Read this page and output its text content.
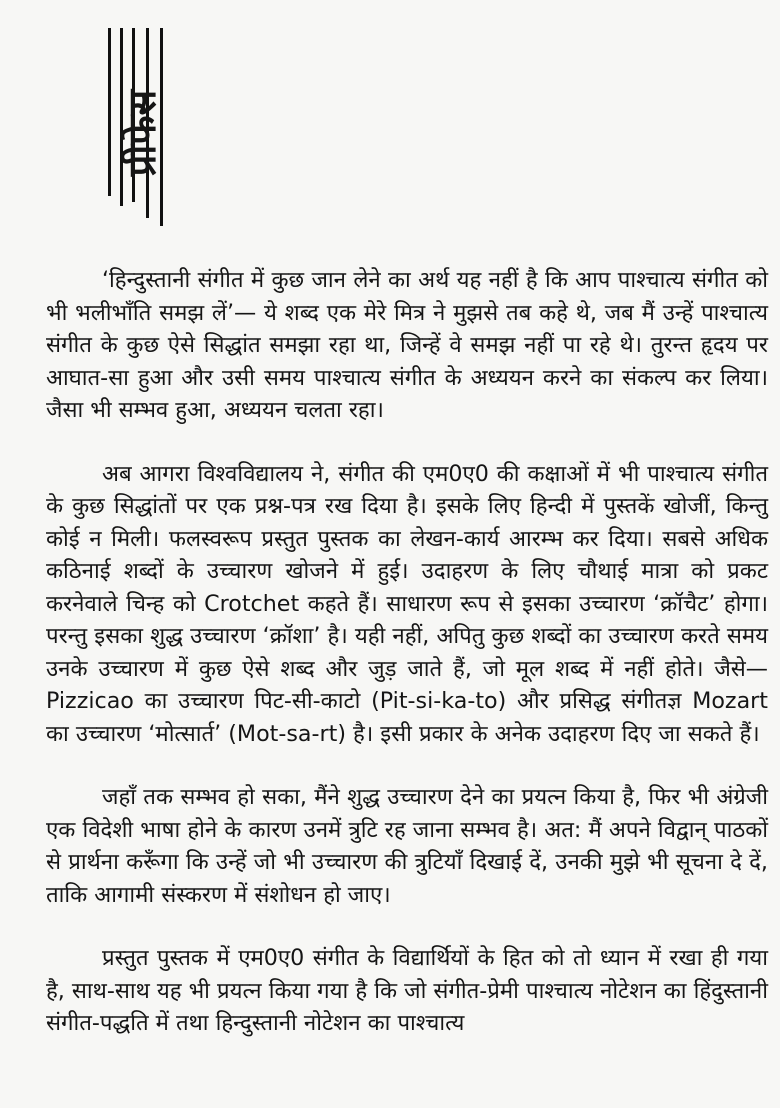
प्रीफेस

‘हिन्दुस्तानी संगीत में कुछ जान लेने का अर्थ यह नहीं है कि आप पाश्चात्य संगीत को भी भलीभाँति समझ लें’— ये शब्द एक मेरे मित्र ने मुझसे तब कहे थे, जब मैं उन्हें पाश्चात्य संगीत के कुछ ऐसे सिद्धांत समझा रहा था, जिन्हें वे समझ नहीं पा रहे थे। तुरन्त हृदय पर आघात-सा हुआ और उसी समय पाश्चात्य संगीत के अध्ययन करने का संकल्प कर लिया। जैसा भी सम्भव हुआ, अध्ययन चलता रहा।

अब आगरा विश्वविद्यालय ने, संगीत की एम0ए0 की कक्षाओं में भी पाश्चात्य संगीत के कुछ सिद्धांतों पर एक प्रश्न-पत्र रख दिया है। इसके लिए हिन्दी में पुस्तकें खोजीं, किन्तु कोई न मिली। फलस्वरूप प्रस्तुत पुस्तक का लेखन-कार्य आरम्भ कर दिया। सबसे अधिक कठिनाई शब्दों के उच्चारण खोजने में हुई। उदाहरण के लिए चौथाई मात्रा को प्रकट करनेवाले चिन्ह को Crotchet कहते हैं। साधारण रूप से इसका उच्चारण ‘क्रॉचैट’ होगा। परन्तु इसका शुद्ध उच्चारण ‘क्रॉशा’ है। यही नहीं, अपितु कुछ शब्दों का उच्चारण करते समय उनके उच्चारण में कुछ ऐसे शब्द और जुड़ जाते हैं, जो मूल शब्द में नहीं होते। जैसे—Pizzicao का उच्चारण पिट-सी-काटो (Pit-si-ka-to) और प्रसिद्ध संगीतज्ञ Mozart का उच्चारण ‘मोत्सार्त’ (Mot-sa-rt) है। इसी प्रकार के अनेक उदाहरण दिए जा सकते हैं।

जहाँ तक सम्भव हो सका, मैंने शुद्ध उच्चारण देने का प्रयत्न किया है, फिर भी अंग्रेजी एक विदेशी भाषा होने के कारण उनमें त्रुटि रह जाना सम्भव है। अत: मैं अपने विद्वान् पाठकों से प्रार्थना करूँगा कि उन्हें जो भी उच्चारण की त्रुटियाँ दिखाई दें, उनकी मुझे भी सूचना दे दें, ताकि आगामी संस्करण में संशोधन हो जाए।

प्रस्तुत पुस्तक में एम0ए0 संगीत के विद्यार्थियों के हित को तो ध्यान में रखा ही गया है, साथ-साथ यह भी प्रयत्न किया गया है कि जो संगीत-प्रेमी पाश्चात्य नोटेशन का हिंदुस्तानी संगीत-पद्धति में तथा हिन्दुस्तानी नोटेशन का पाश्चात्य
